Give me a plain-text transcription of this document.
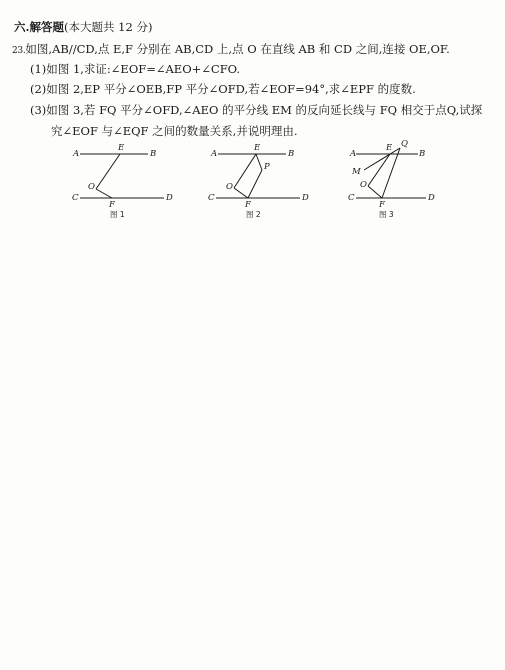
六.解答题(本大题共 12 分)
23.如图,AB//CD,点 E,F 分别在 AB,CD 上,点 O 在直线 AB 和 CD 之间,连接 OE,OF.
(1)如图 1,求证:∠EOF=∠AEO+∠CFO.
(2)如图 2,EP 平分∠OEB,FP 平分∠OFD,若∠EOF=94°,求∠EPF 的度数.
(3)如图 3,若 FQ 平分∠OFD,∠AEO 的平分线 EM 的反向延长线与 FQ 相交于点Q,试探
究∠EOF 与∠EQF 之间的数量关系,并说明理由.
A
E
B
O
C
F
D
图 1
A
E
B
P
O
C
F
D
图 2
A
E Q
B
M
O
C
F
D
图 3
